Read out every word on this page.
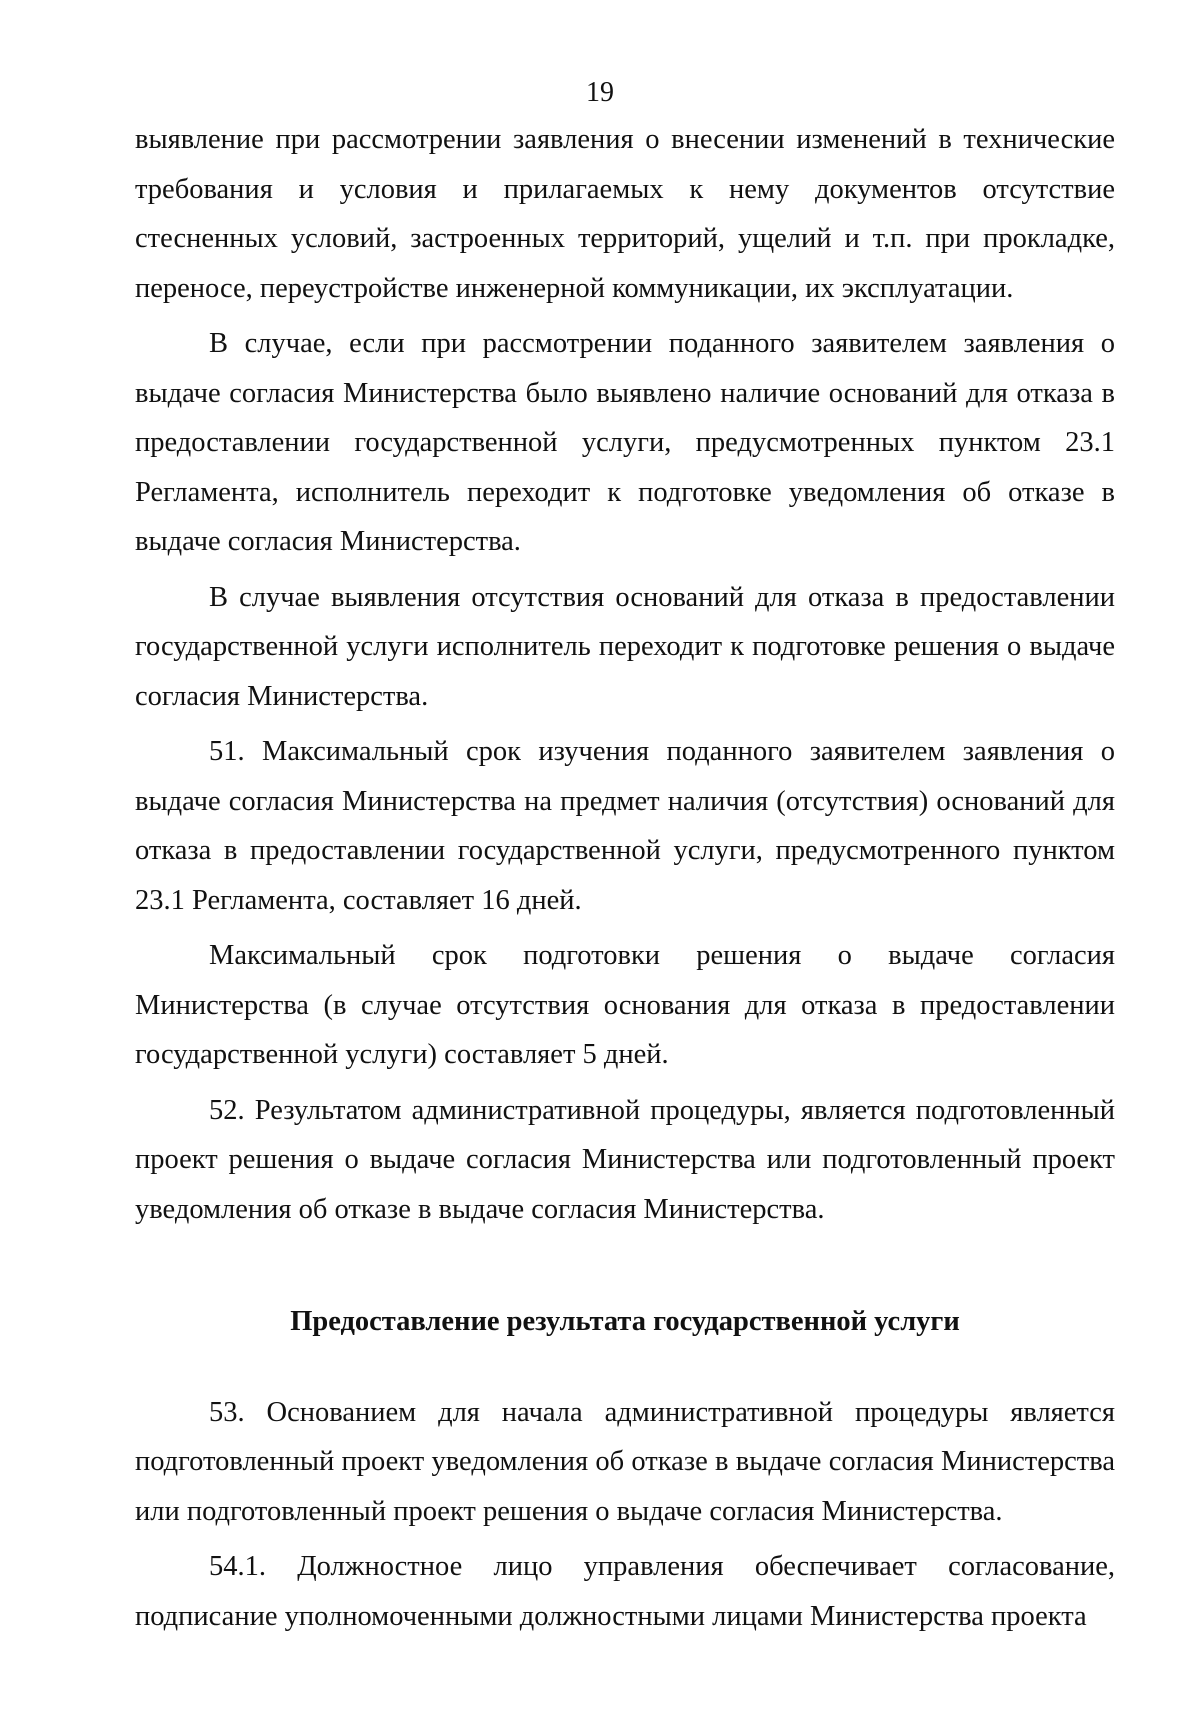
19

выявление при рассмотрении заявления о внесении изменений в технические требования и условия и прилагаемых к нему документов отсутствие стесненных условий, застроенных территорий, ущелий и т.п. при прокладке, переносе, переустройстве инженерной коммуникации, их эксплуатации.

В случае, если при рассмотрении поданного заявителем заявления о выдаче согласия Министерства было выявлено наличие оснований для отказа в предоставлении государственной услуги, предусмотренных пунктом 23.1 Регламента, исполнитель переходит к подготовке уведомления об отказе в выдаче согласия Министерства.

В случае выявления отсутствия оснований для отказа в предоставлении государственной услуги исполнитель переходит к подготовке решения о выдаче согласия Министерства.

51. Максимальный срок изучения поданного заявителем заявления о выдаче согласия Министерства на предмет наличия (отсутствия) оснований для отказа в предоставлении государственной услуги, предусмотренного пунктом 23.1 Регламента, составляет 16 дней.

Максимальный срок подготовки решения о выдаче согласия Министерства (в случае отсутствия основания для отказа в предоставлении государственной услуги) составляет 5 дней.

52. Результатом административной процедуры, является подготовленный проект решения о выдаче согласия Министерства или подготовленный проект уведомления об отказе в выдаче согласия Министерства.

Предоставление результата государственной услуги

53. Основанием для начала административной процедуры является подготовленный проект уведомления об отказе в выдаче согласия Министерства или подготовленный проект решения о выдаче согласия Министерства.

54.1. Должностное лицо управления обеспечивает согласование, подписание уполномоченными должностными лицами Министерства проекта
